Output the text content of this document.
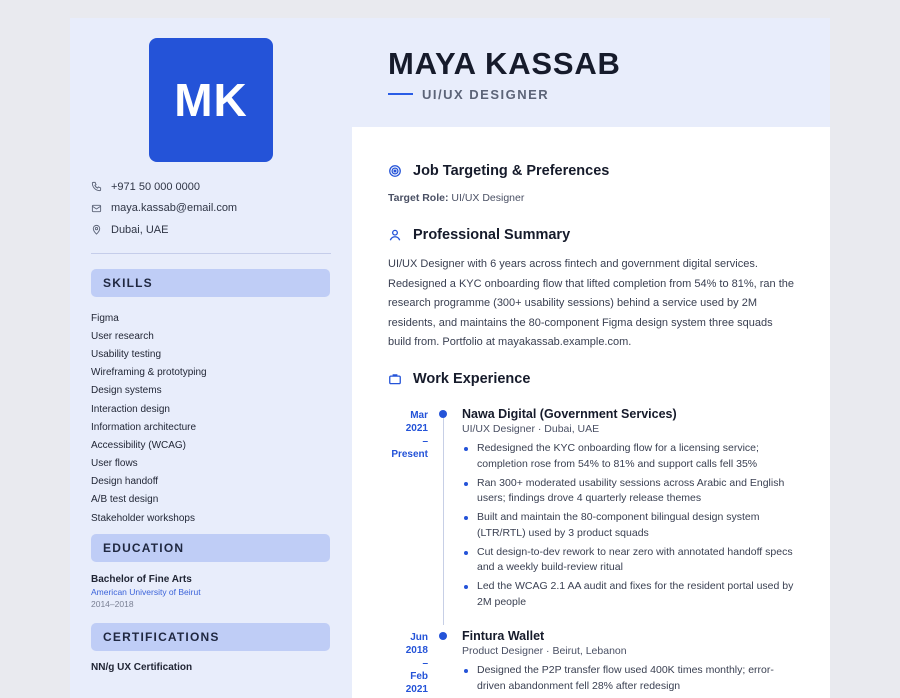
MK
+971 50 000 0000
maya.kassab@email.com
Dubai, UAE
SKILLS
Figma
User research
Usability testing
Wireframing & prototyping
Design systems
Interaction design
Information architecture
Accessibility (WCAG)
User flows
Design handoff
A/B test design
Stakeholder workshops
EDUCATION
Bachelor of Fine Arts
American University of Beirut
2014–2018
CERTIFICATIONS
NN/g UX Certification
MAYA KASSAB
UI/UX DESIGNER
Job Targeting & Preferences
Target Role: UI/UX Designer
Professional Summary
UI/UX Designer with 6 years across fintech and government digital services. Redesigned a KYC onboarding flow that lifted completion from 54% to 81%, ran the research programme (300+ usability sessions) behind a service used by 2M residents, and maintains the 80-component Figma design system three squads build from. Portfolio at mayakassab.example.com.
Work Experience
Mar 2021
–
Present
Nawa Digital (Government Services)
UI/UX Designer · Dubai, UAE
Redesigned the KYC onboarding flow for a licensing service; completion rose from 54% to 81% and support calls fell 35%
Ran 300+ moderated usability sessions across Arabic and English users; findings drove 4 quarterly release themes
Built and maintain the 80-component bilingual design system (LTR/RTL) used by 3 product squads
Cut design-to-dev rework to near zero with annotated handoff specs and a weekly build-review ritual
Led the WCAG 2.1 AA audit and fixes for the resident portal used by 2M people
Jun 2018
–
Feb 2021
Fintura Wallet
Product Designer · Beirut, Lebanon
Designed the P2P transfer flow used 400K times monthly; error-driven abandonment fell 28% after redesign
